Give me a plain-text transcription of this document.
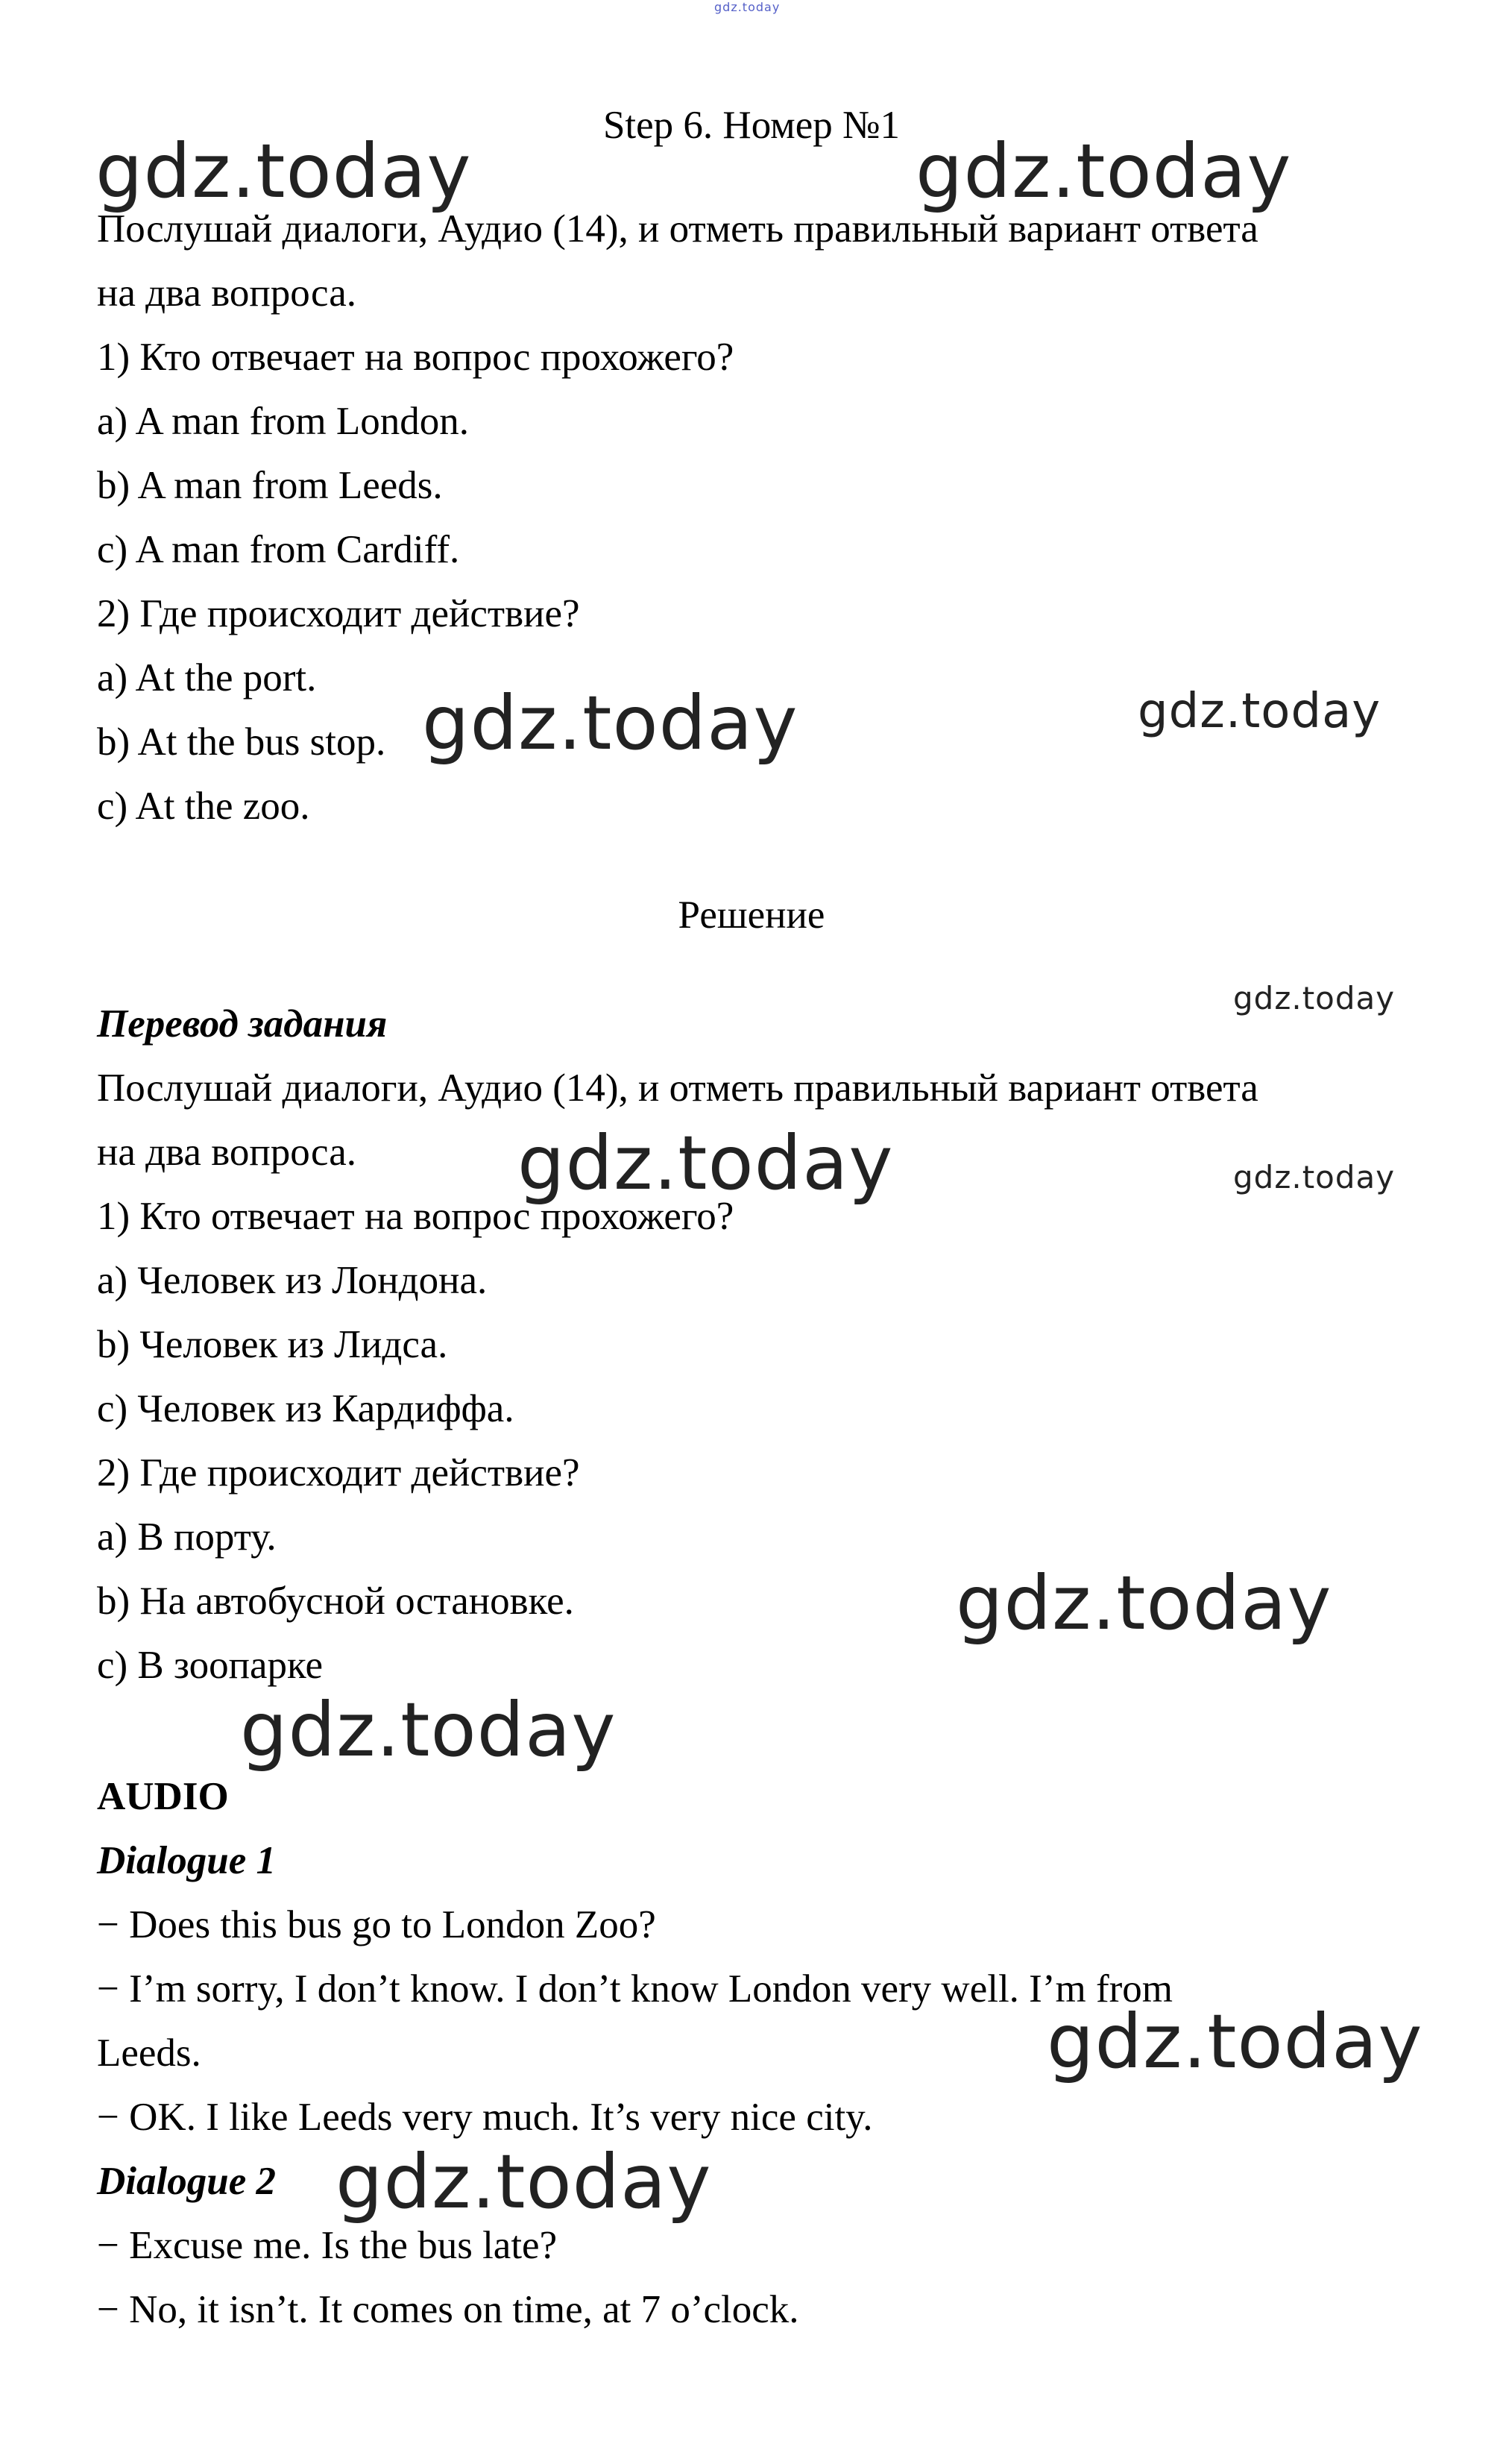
gdz.today
Step 6. Номер №1
Послушай диалоги, Аудио (14), и отметь правильный вариант ответа
на два вопроса.
1) Кто отвечает на вопрос прохожего?
a) A man from London.
b) A man from Leeds.
c) A man from Cardiff.
2) Где происходит действие?
a) At the port.
b) At the bus stop.
c) At the zoo.
Решение
Перевод задания
Послушай диалоги, Аудио (14), и отметь правильный вариант ответа
на два вопроса.
1) Кто отвечает на вопрос прохожего?
a) Человек из Лондона.
b) Человек из Лидса.
c) Человек из Кардиффа.
2) Где происходит действие?
a) В порту.
b) На автобусной остановке.
c) В зоопарке
AUDIO
Dialogue 1
− Does this bus go to London Zoo?
− I’m sorry, I don’t know. I don’t know London very well. I’m from
Leeds.
− OK. I like Leeds very much. It’s very nice city.
Dialogue 2
− Excuse me. Is the bus late?
− No, it isn’t. It comes on time, at 7 o’clock.
gdz.today	gdz.today
gdz.today	gdz.today
gdz.today
gdz.today	gdz.today
gdz.today
gdz.today
gdz.today
gdz.today
